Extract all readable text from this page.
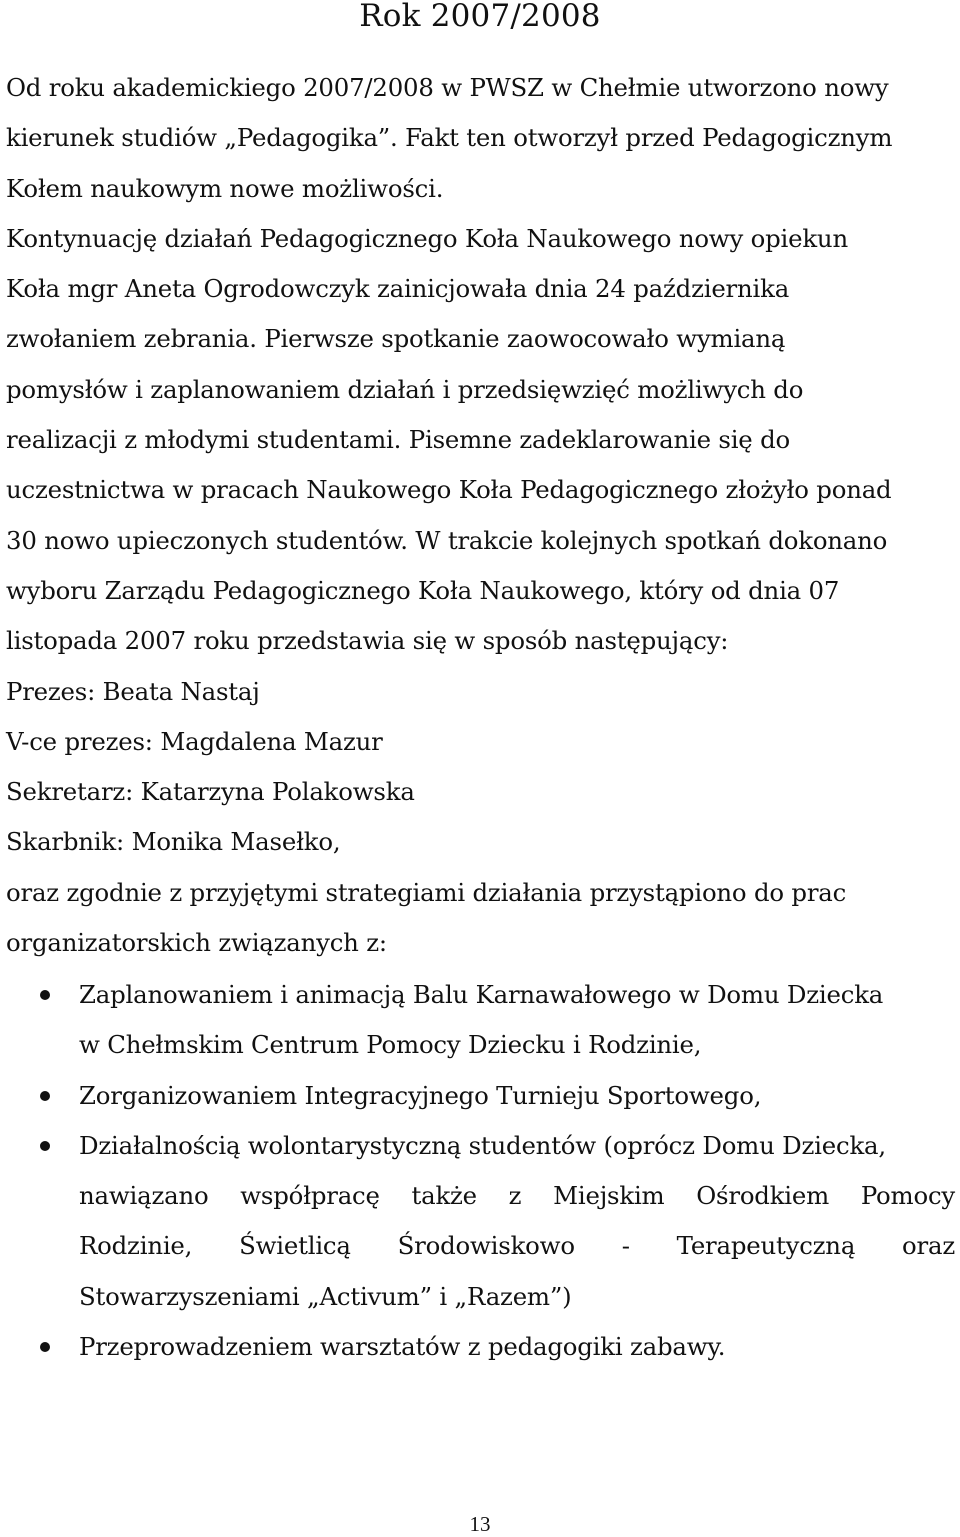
Rok 2007/2008
Od roku akademickiego 2007/2008 w PWSZ w Chełmie utworzono nowy
kierunek studiów „Pedagogika”. Fakt ten otworzył przed Pedagogicznym
Kołem naukowym nowe możliwości.
Kontynuację działań Pedagogicznego Koła Naukowego nowy opiekun
Koła mgr Aneta Ogrodowczyk zainicjowała dnia 24 października
zwołaniem zebrania. Pierwsze spotkanie zaowocowało wymianą
pomysłów i zaplanowaniem działań i przedsięwzięć możliwych do
realizacji z młodymi studentami. Pisemne zadeklarowanie się do
uczestnictwa w pracach Naukowego Koła Pedagogicznego złożyło ponad
30 nowo upieczonych studentów. W trakcie kolejnych spotkań dokonano
wyboru Zarządu Pedagogicznego Koła Naukowego, który od dnia 07
listopada 2007 roku przedstawia się w sposób następujący:
Prezes: Beata Nastaj
V-ce prezes: Magdalena Mazur
Sekretarz: Katarzyna Polakowska
Skarbnik: Monika Masełko,
oraz zgodnie z przyjętymi strategiami działania przystąpiono do prac
organizatorskich związanych z:
Zaplanowaniem i animacją Balu Karnawałowego w Domu Dziecka
w Chełmskim Centrum Pomocy Dziecku i Rodzinie,
Zorganizowaniem Integracyjnego Turnieju Sportowego,
Działalnością wolontarystyczną studentów (oprócz Domu Dziecka,
nawiązano współpracę także z Miejskim Ośrodkiem Pomocy
Rodzinie, Świetlicą Środowiskowo - Terapeutyczną oraz
Stowarzyszeniami „Activum” i „Razem”)
Przeprowadzeniem warsztatów z pedagogiki zabawy.
13
